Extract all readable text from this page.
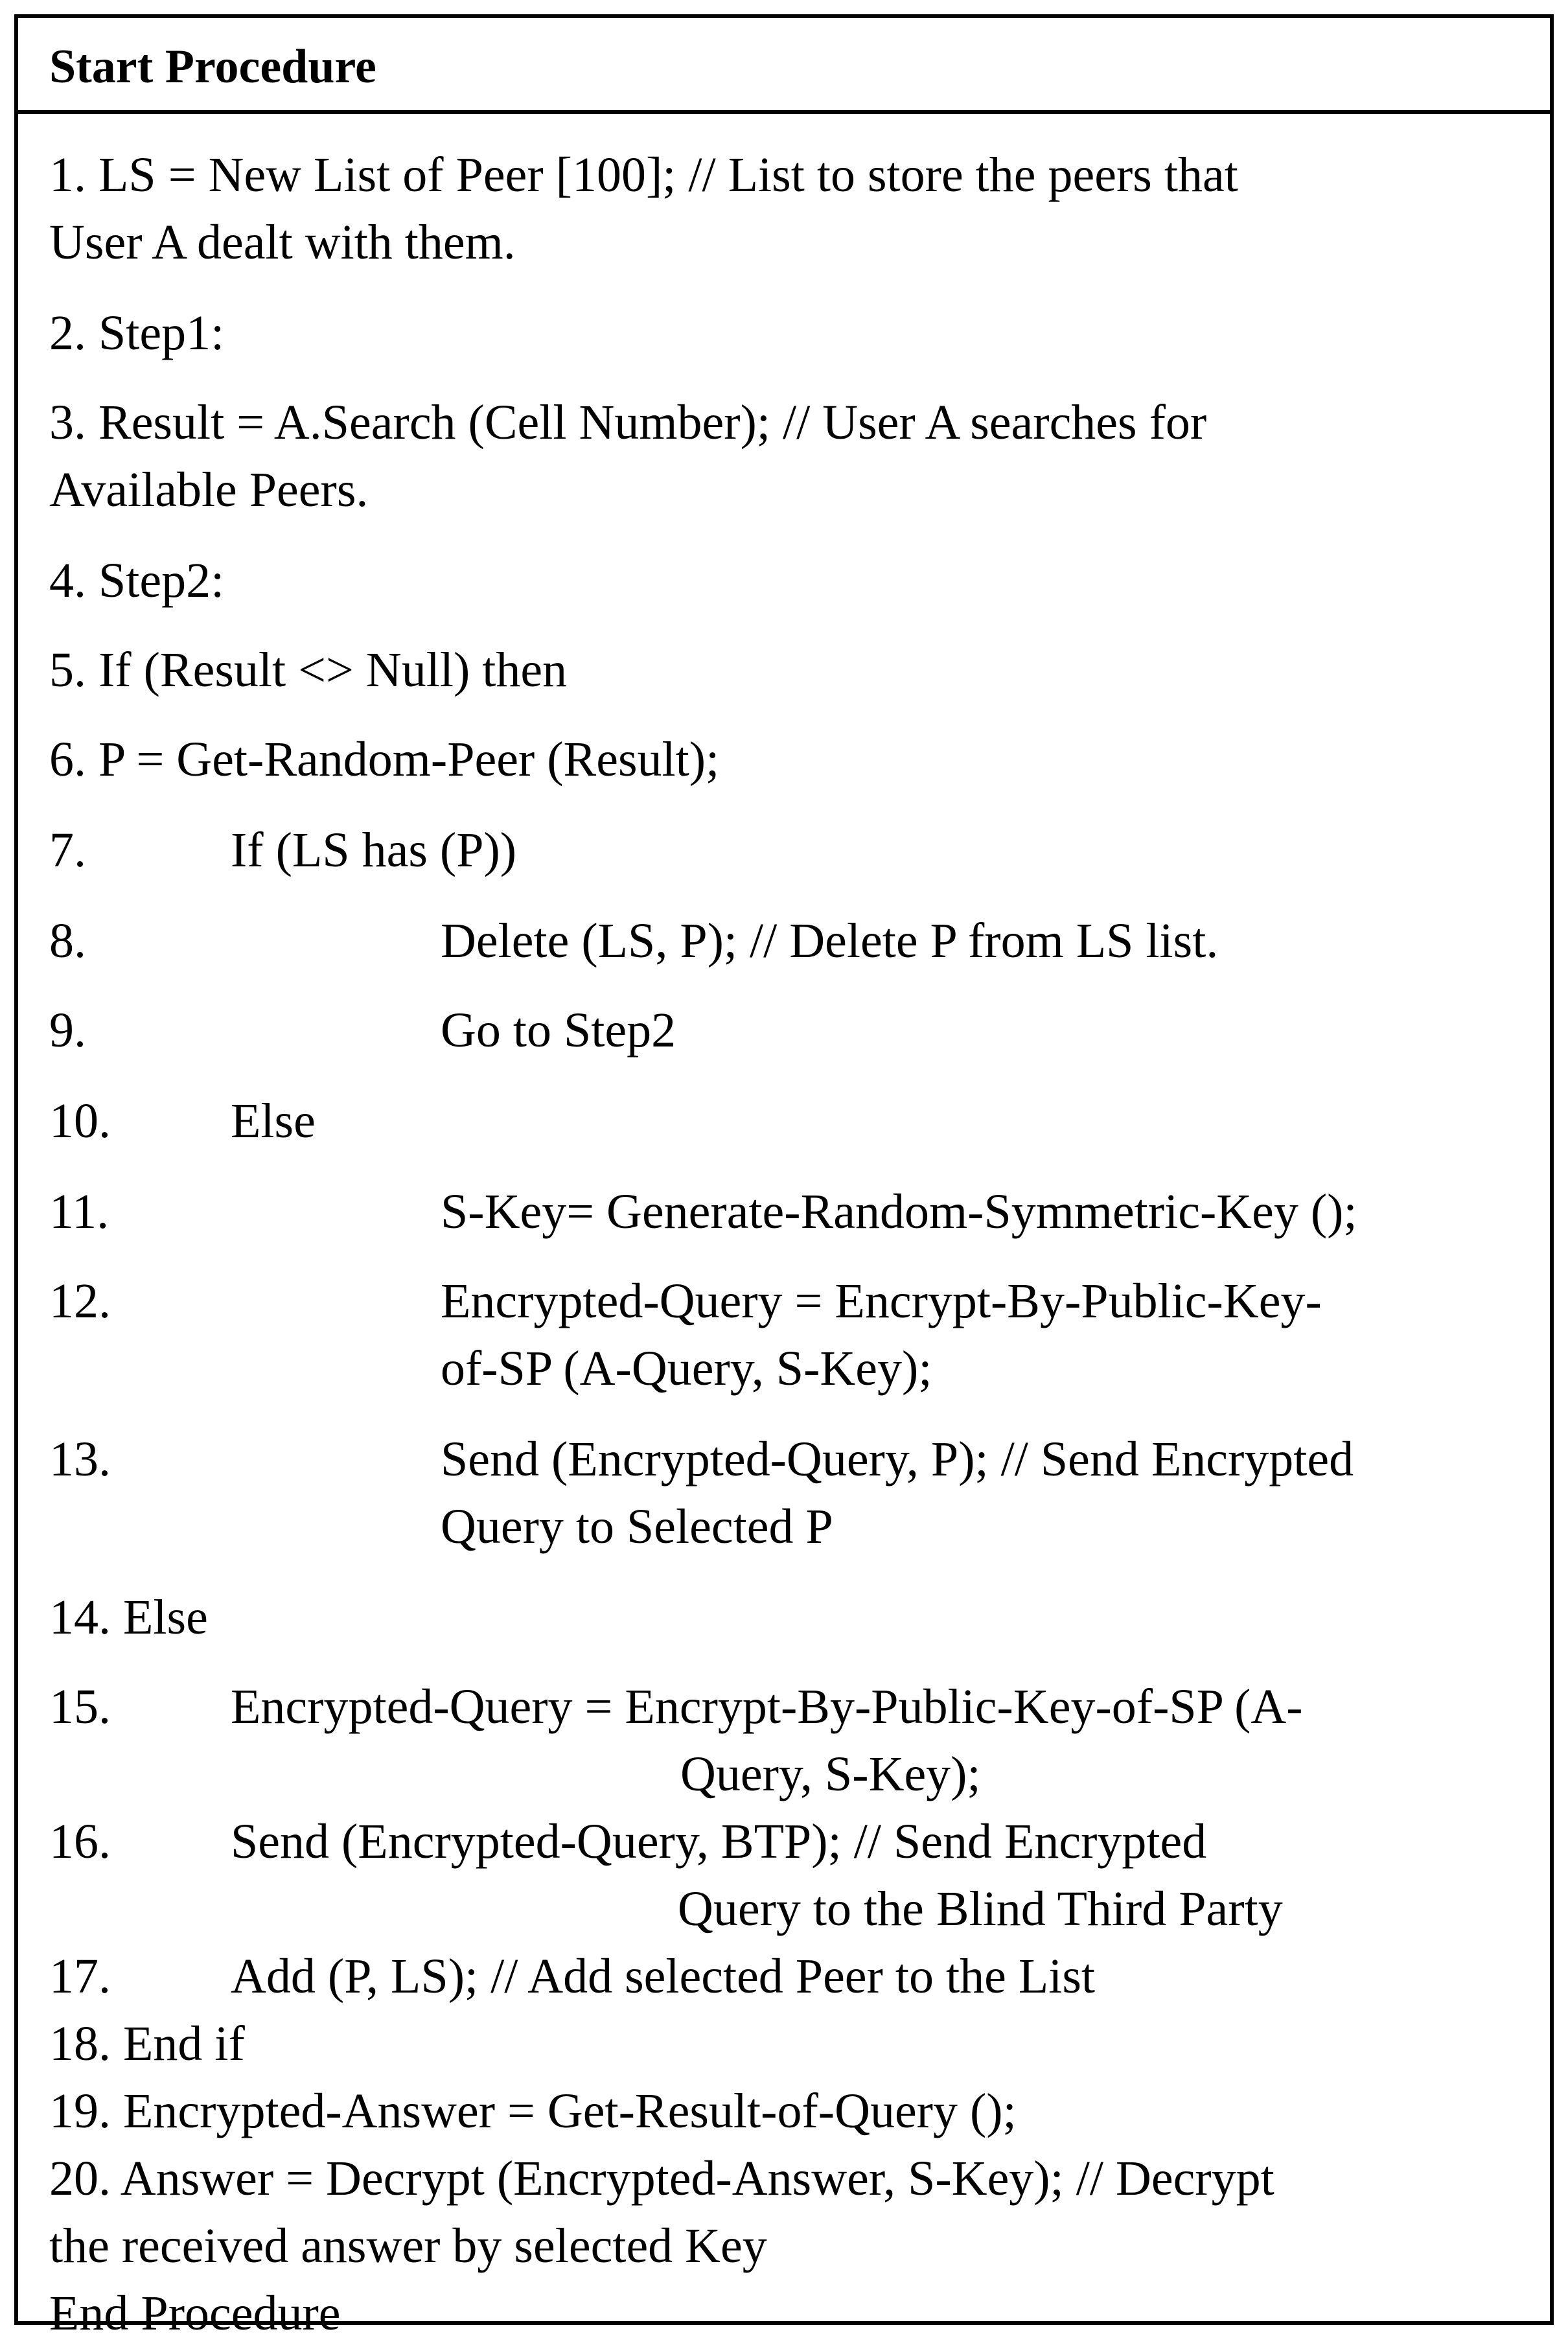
Start Procedure
1. LS = New List of Peer [100]; // List to store the peers that
User A dealt with them.
2. Step1:
3. Result = A.Search (Cell Number); // User A searches for
Available Peers.
4. Step2:
5. If (Result <> Null) then
6. P = Get-Random-Peer (Result);
7.	If (LS has (P))
8.	Delete (LS, P); // Delete P from LS list.
9.	Go to Step2
10. Else
11.	S-Key= Generate-Random-Symmetric-Key ();
12.	Encrypted-Query = Encrypt-By-Public-Key-
of-SP (A-Query, S-Key);
13.	Send (Encrypted-Query, P); // Send Encrypted
Query to Selected P
14. Else
15. Encrypted-Query = Encrypt-By-Public-Key-of-SP (A-
Query, S-Key);
16. Send (Encrypted-Query, BTP); // Send Encrypted
Query to the Blind Third Party
17. Add (P, LS); // Add selected Peer to the List
18. End if
19. Encrypted-Answer = Get-Result-of-Query ();
20. Answer = Decrypt (Encrypted-Answer, S-Key); // Decrypt
the received answer by selected Key
End Procedure
